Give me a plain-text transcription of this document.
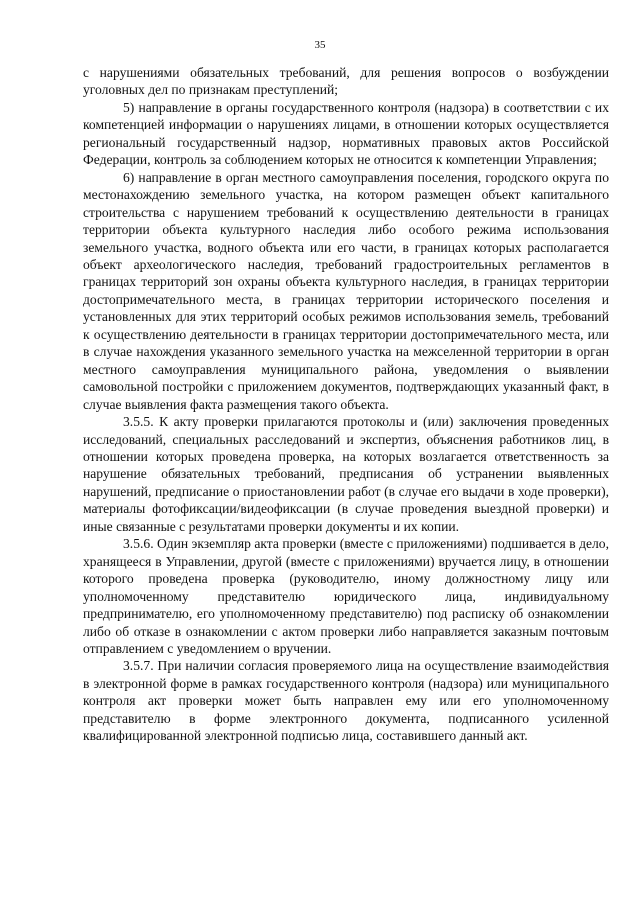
35

с нарушениями обязательных требований, для решения вопросов о возбуждении уголовных дел по признакам преступлений;

5) направление в органы государственного контроля (надзора) в соответствии с их компетенцией информации о нарушениях лицами, в отношении которых осуществляется региональный государственный надзор, нормативных правовых актов Российской Федерации, контроль за соблюдением которых не относится к компетенции Управления;

6) направление в орган местного самоуправления поселения, городского округа по местонахождению земельного участка, на котором размещен объект капитального строительства с нарушением требований к осуществлению деятельности в границах территории объекта культурного наследия либо особого режима использования земельного участка, водного объекта или его части, в границах которых располагается объект археологического наследия, требований градостроительных регламентов в границах территорий зон охраны объекта культурного наследия, в границах территории достопримечательного места, в границах территории исторического поселения и установленных для этих территорий особых режимов использования земель, требований к осуществлению деятельности в границах территории достопримечательного места, или в случае нахождения указанного земельного участка на межселенной территории в орган местного самоуправления муниципального района, уведомления о выявлении самовольной постройки с приложением документов, подтверждающих указанный факт, в случае выявления факта размещения такого объекта.

3.5.5. К акту проверки прилагаются протоколы и (или) заключения проведенных исследований, специальных расследований и экспертиз, объяснения работников лиц, в отношении которых проведена проверка, на которых возлагается ответственность за нарушение обязательных требований, предписания об устранении выявленных нарушений, предписание о приостановлении работ (в случае его выдачи в ходе проверки), материалы фотофиксации/видеофиксации (в случае проведения выездной проверки) и иные связанные с результатами проверки документы и их копии.

3.5.6. Один экземпляр акта проверки (вместе с приложениями) подшивается в дело, хранящееся в Управлении, другой (вместе с приложениями) вручается лицу, в отношении которого проведена проверка (руководителю, иному должностному лицу или уполномоченному представителю юридического лица, индивидуальному предпринимателю, его уполномоченному представителю) под расписку об ознакомлении либо об отказе в ознакомлении с актом проверки либо направляется заказным почтовым отправлением с уведомлением о вручении.

3.5.7. При наличии согласия проверяемого лица на осуществление взаимодействия в электронной форме в рамках государственного контроля (надзора) или муниципального контроля акт проверки может быть направлен ему или его уполномоченному представителю в форме электронного документа, подписанного усиленной квалифицированной электронной подписью лица, составившего данный акт.
